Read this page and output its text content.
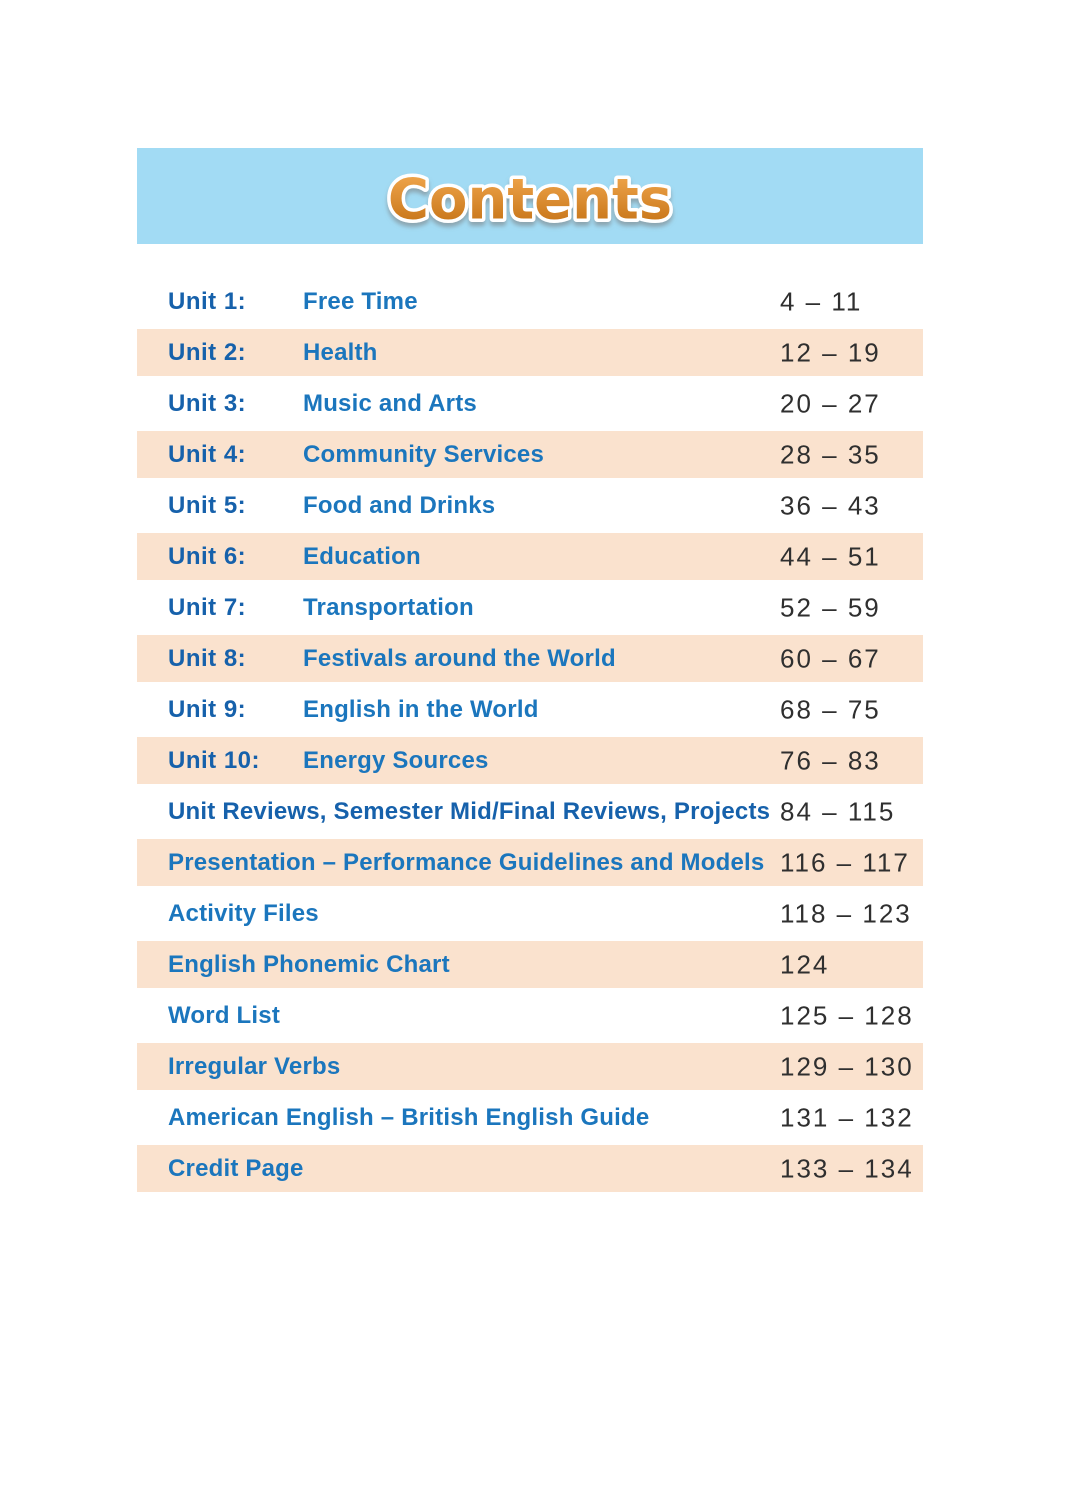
Contents
Unit 1: Free Time	4 – 11
Unit 2: Health	12 – 19
Unit 3: Music and Arts	20 – 27
Unit 4: Community Services	28 – 35
Unit 5: Food and Drinks	36 – 43
Unit 6: Education	44 – 51
Unit 7: Transportation	52 – 59
Unit 8: Festivals around the World	60 – 67
Unit 9: English in the World	68 – 75
Unit 10: Energy Sources	76 – 83
Unit Reviews, Semester Mid/Final Reviews, Projects 84 – 115
Presentation – Performance Guidelines and Models 116 – 117
Activity Files	118 – 123
English Phonemic Chart	124
Word List	125 – 128
Irregular Verbs	129 – 130
American English – British English Guide	131 – 132
Credit Page	133 – 134
